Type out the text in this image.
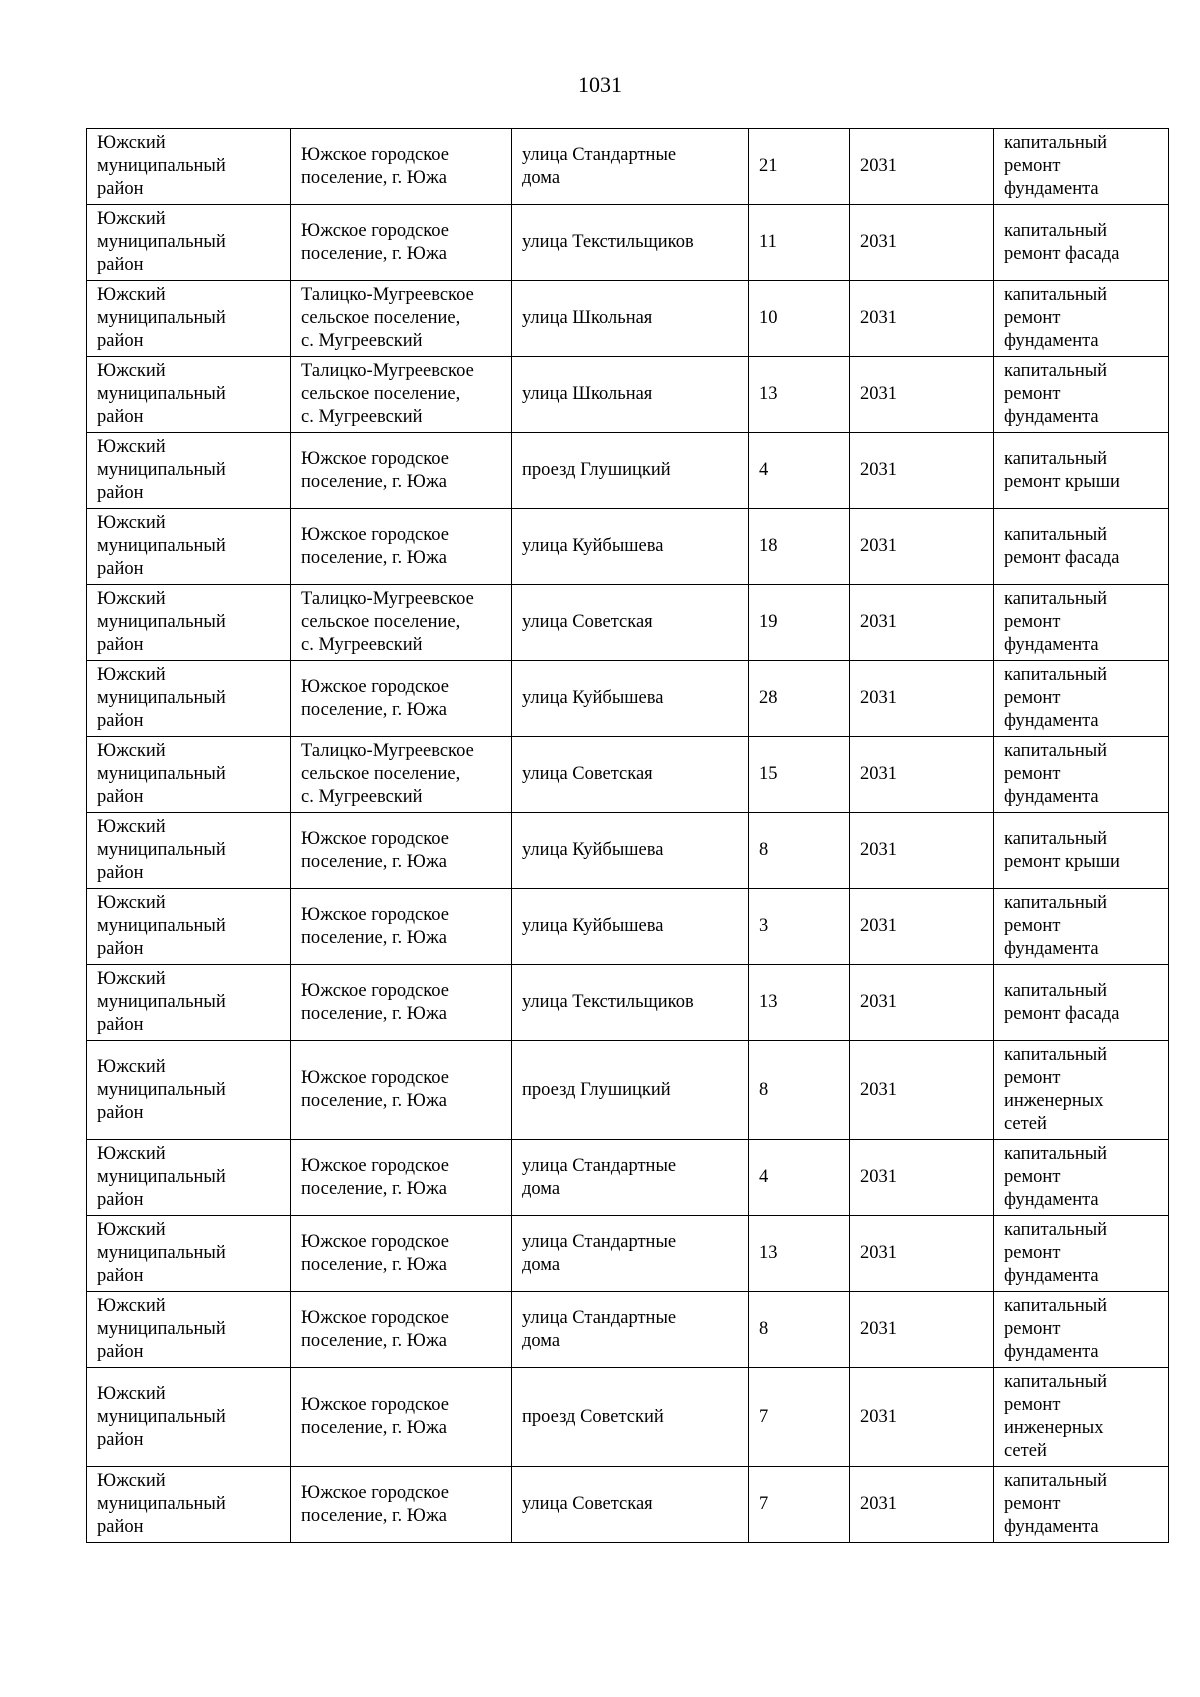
1031
Южский
муниципальный
район	Южское городское
поселение, г. Южа	улица Стандартные
дома	21	2031	капитальный
ремонт
фундамента
Южский
муниципальный
район	Южское городское
поселение, г. Южа	улица Текстильщиков	11	2031	капитальный
ремонт фасада
Южский
муниципальный
район	Талицко-Мугреевское
сельское поселение,
с. Мугреевский	улица Школьная	10	2031	капитальный
ремонт
фундамента
Южский
муниципальный
район	Талицко-Мугреевское
сельское поселение,
с. Мугреевский	улица Школьная	13	2031	капитальный
ремонт
фундамента
Южский
муниципальный
район	Южское городское
поселение, г. Южа	проезд Глушицкий	4	2031	капитальный
ремонт крыши
Южский
муниципальный
район	Южское городское
поселение, г. Южа	улица Куйбышева	18	2031	капитальный
ремонт фасада
Южский
муниципальный
район	Талицко-Мугреевское
сельское поселение,
с. Мугреевский	улица Советская	19	2031	капитальный
ремонт
фундамента
Южский
муниципальный
район	Южское городское
поселение, г. Южа	улица Куйбышева	28	2031	капитальный
ремонт
фундамента
Южский
муниципальный
район	Талицко-Мугреевское
сельское поселение,
с. Мугреевский	улица Советская	15	2031	капитальный
ремонт
фундамента
Южский
муниципальный
район	Южское городское
поселение, г. Южа	улица Куйбышева	8	2031	капитальный
ремонт крыши
Южский
муниципальный
район	Южское городское
поселение, г. Южа	улица Куйбышева	3	2031	капитальный
ремонт
фундамента
Южский
муниципальный
район	Южское городское
поселение, г. Южа	улица Текстильщиков	13	2031	капитальный
ремонт фасада
Южский
муниципальный
район	Южское городское
поселение, г. Южа	проезд Глушицкий	8	2031	капитальный
ремонт
инженерных
сетей
Южский
муниципальный
район	Южское городское
поселение, г. Южа	улица Стандартные
дома	4	2031	капитальный
ремонт
фундамента
Южский
муниципальный
район	Южское городское
поселение, г. Южа	улица Стандартные
дома	13	2031	капитальный
ремонт
фундамента
Южский
муниципальный
район	Южское городское
поселение, г. Южа	улица Стандартные
дома	8	2031	капитальный
ремонт
фундамента
Южский
муниципальный
район	Южское городское
поселение, г. Южа	проезд Советский	7	2031	капитальный
ремонт
инженерных
сетей
Южский
муниципальный
район	Южское городское
поселение, г. Южа	улица Советская	7	2031	капитальный
ремонт
фундамента
